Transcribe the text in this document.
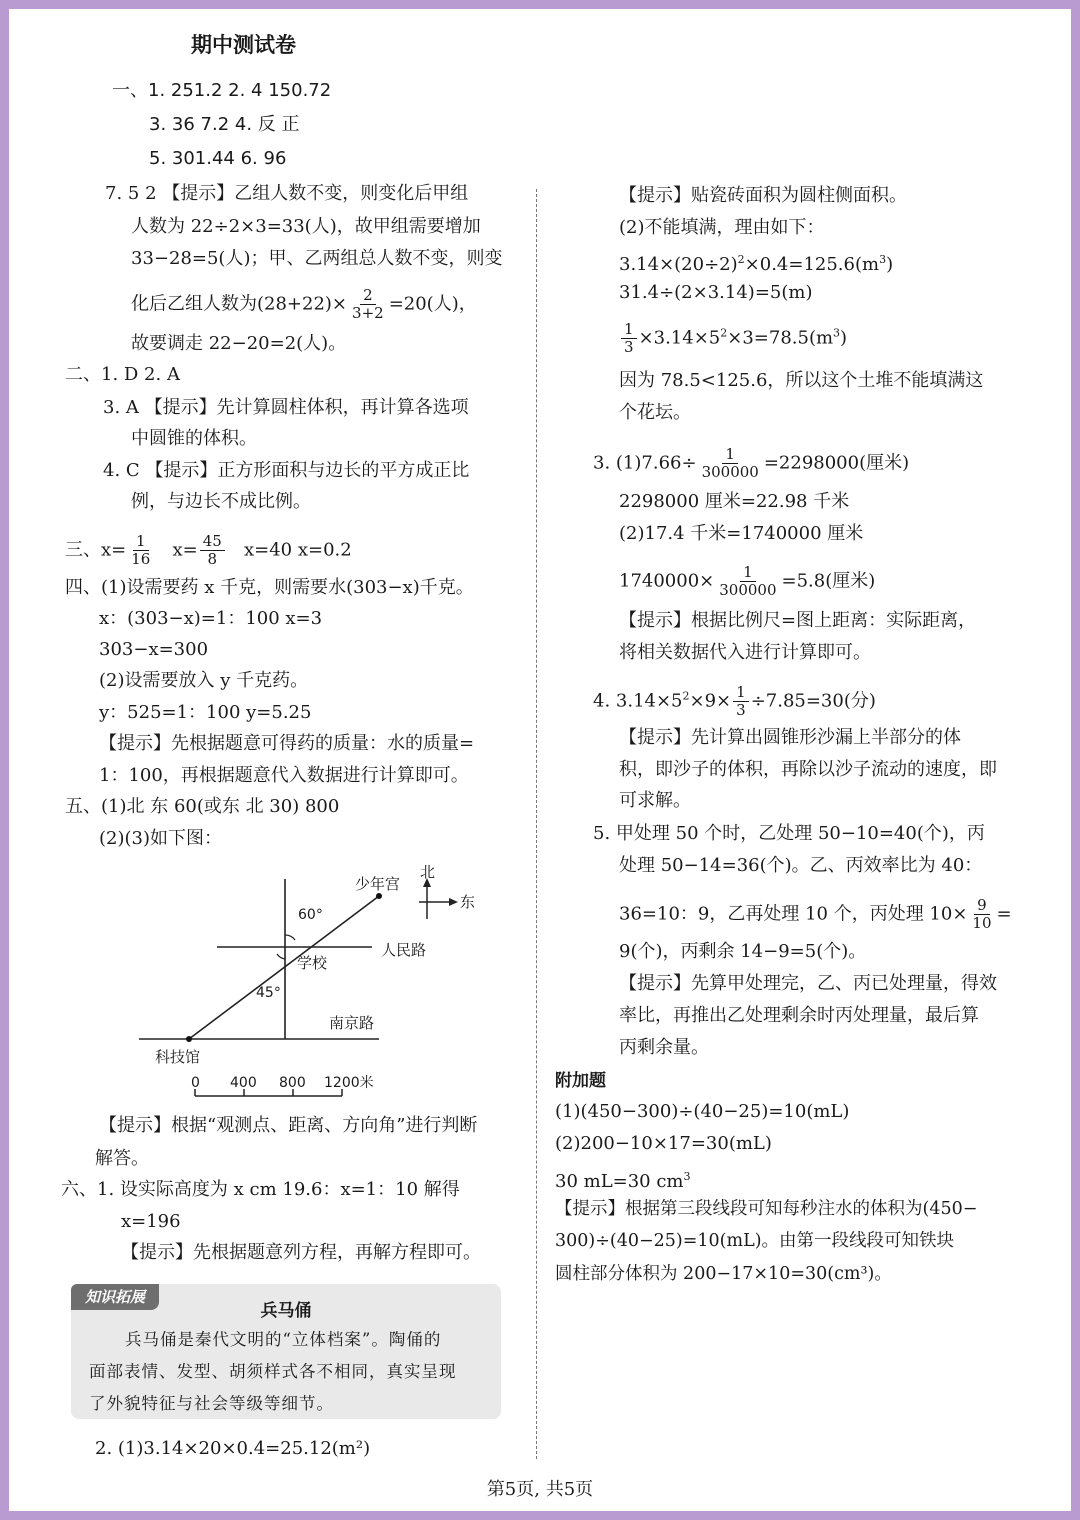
期中测试卷
一、1. 251.2 2. 4 150.72
3. 36 7.2 4. 反 正
5. 301.44 6. 96
7. 5 2 【提示】乙组人数不变，则变化后甲组
人数为 22÷2×3=33(人)，故甲组需要增加
33−28=5(人)；甲、乙两组总人数不变，则变
化后乙组人数为$(28+22)\times \frac{2}{3+2} =20$(人)，
故要调走 22−20=2(人)。
二、1. D 2. A
3. A 【提示】先计算圆柱体积，再计算各选项
中圆锥的体积。
4. C 【提示】正方形面积与边长的平方成正比
例，与边长不成比例。
三、$x= \frac{1}{16} x= \frac{45}{8} x=40$ x=0.2
四、(1)设需要药 x 千克，则需要水(303−x)千克。
x：(303−x)=1：100 x=3
303−x=300
(2)设需要放入 y 千克药。
y：525=1：100 y=5.25
【提示】先根据题意可得药的质量：水的质量=
1：100，再根据题意代入数据进行计算即可。
五、(1)北 东 60(或东 北 30) 800
(2)(3)如下图：
北
东
少年宫
60°
人民路
学校
45°
南京路
科技馆
0 400 800 1200米
【提示】根据“观测点、距离、方向角”进行判断
解答。
六、1. 设实际高度为 x cm 19.6：x=1：10 解得
x=196
【提示】先根据题意列方程，再解方程即可。
知识拓展
兵马俑
兵马俑是秦代文明的“立体档案”。陶俑的
面部表情、发型、胡须样式各不相同，真实呈现
了外貌特征与社会等级等细节。
2. (1)3.14×20×0.4=25.12(m²)
【提示】贴瓷砖面积为圆柱侧面积。
(2)不能填满，理由如下：
$3.14\times(20\div 2)^2\times 0.4=125.6(m^3)$
31.4÷(2×3.14)=5(m)
$\frac{1}{3} \times 3.14\times 5^2\times 3=78.5(m^3)$
因为 78.5<125.6，所以这个土堆不能填满这
个花坛。
3. $(1)7.66\div \frac{1}{300000} =2298000$(厘米)
2298000 厘米=22.98 千米
(2)17.4 千米=1740000 厘米
$1740000\times \frac{1}{300000} =5.8$(厘米)
【提示】根据比例尺=图上距离：实际距离，
将相关数据代入进行计算即可。
4. $3.14\times 5^2\times 9\times \frac{1}{3} \div 7.85=30$(分)
【提示】先计算出圆锥形沙漏上半部分的体
积，即沙子的体积，再除以沙子流动的速度，即
可求解。
5. 甲处理 50 个时，乙处理 50−10=40(个)，丙
处理 50−14=36(个)。乙、丙效率比为 40：
36=10：9，乙再处理 10 个，丙处理 $10\times \frac{9}{10}$ =
9(个)，丙剩余 14−9=5(个)。
【提示】先算甲处理完，乙、丙已处理量，得效
率比，再推出乙处理剩余时丙处理量，最后算
丙剩余量。
附加题
(1)(450−300)÷(40−25)=10(mL)
(2)200−10×17=30(mL)
30 mL=30 $cm^3$
【提示】根据第三段线段可知每秒注水的体积为(450−
300)÷(40−25)=10(mL)。由第一段线段可知铁块
圆柱部分体积为 200−17×10=30(cm³)。
第5页, 共5页
